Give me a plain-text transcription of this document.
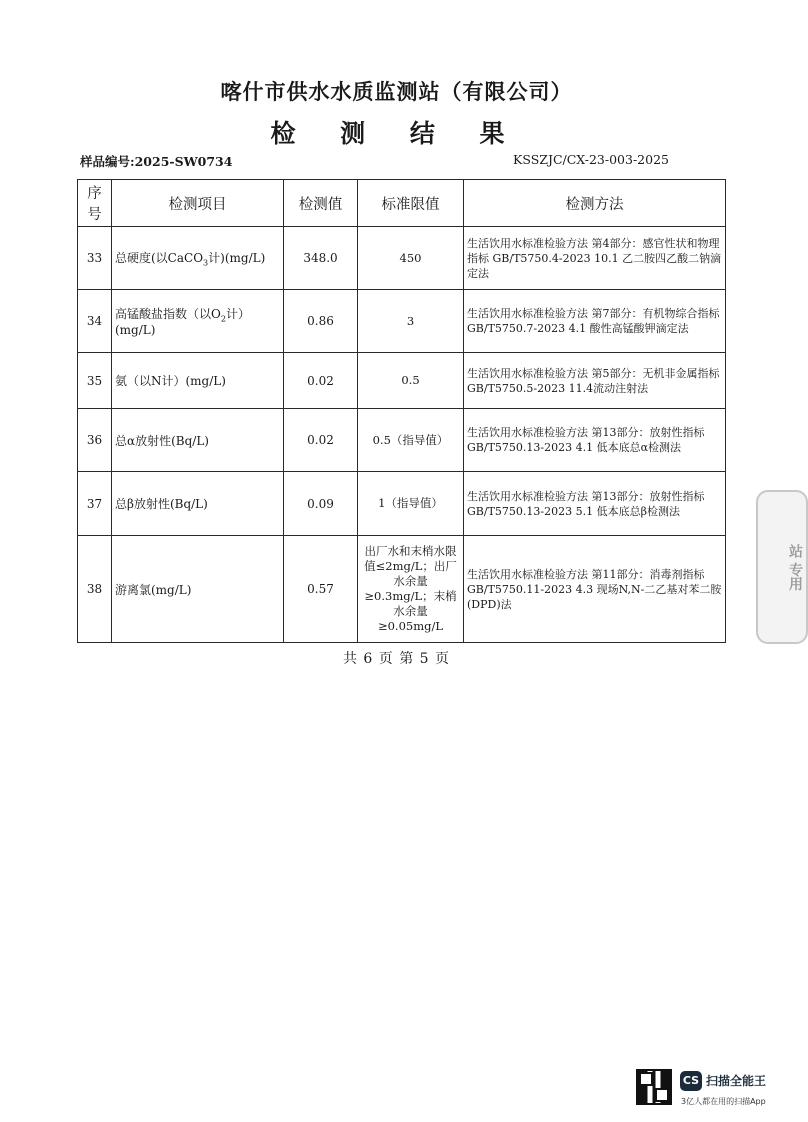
喀什市供水水质监测站（有限公司）
检 测 结 果
样品编号:2025-SW0734	KSSZJC/CX-23-003-2025
序号	检测项目	检测值	标准限值	检测方法
33	总硬度(以CaCO$_3$计)(mg/L)	348.0	450	生活饮用水标准检验方法 第4部分：感官性状和物理指标 GB/T5750.4-2023 10.1 乙二胺四乙酸二钠滴定法
34	高锰酸盐指数（以$O_2$计）(mg/L)	0.86	3	生活饮用水标准检验方法 第7部分：有机物综合指标 GB/T5750.7-2023 4.1 酸性高锰酸钾滴定法
35	氨（以N计）(mg/L)	0.02	0.5	生活饮用水标准检验方法 第5部分：无机非金属指标 GB/T5750.5-2023 11.4流动注射法
36	总α放射性(Bq/L)	0.02	0.5（指导值）	生活饮用水标准检验方法 第13部分：放射性指标GB/T5750.13-2023 4.1 低本底总α检测法
37	总β放射性(Bq/L)	0.09	1（指导值）	生活饮用水标准检验方法 第13部分：放射性指标GB/T5750.13-2023 5.1 低本底总β检测法
38	游离氯(mg/L)	0.57	出厂水和末梢水限值≤2mg/L；出厂水余量≥0.3mg/L；末梢水余量≥0.05mg/L	生活饮用水标准检验方法 第11部分：消毒剂指标 GB/T5750.11-2023 4.3 现场N,N-二乙基对苯二胺(DPD)法
共 6 页 第 5 页
站 专用
CS 扫描全能王
3亿人都在用的扫描App
